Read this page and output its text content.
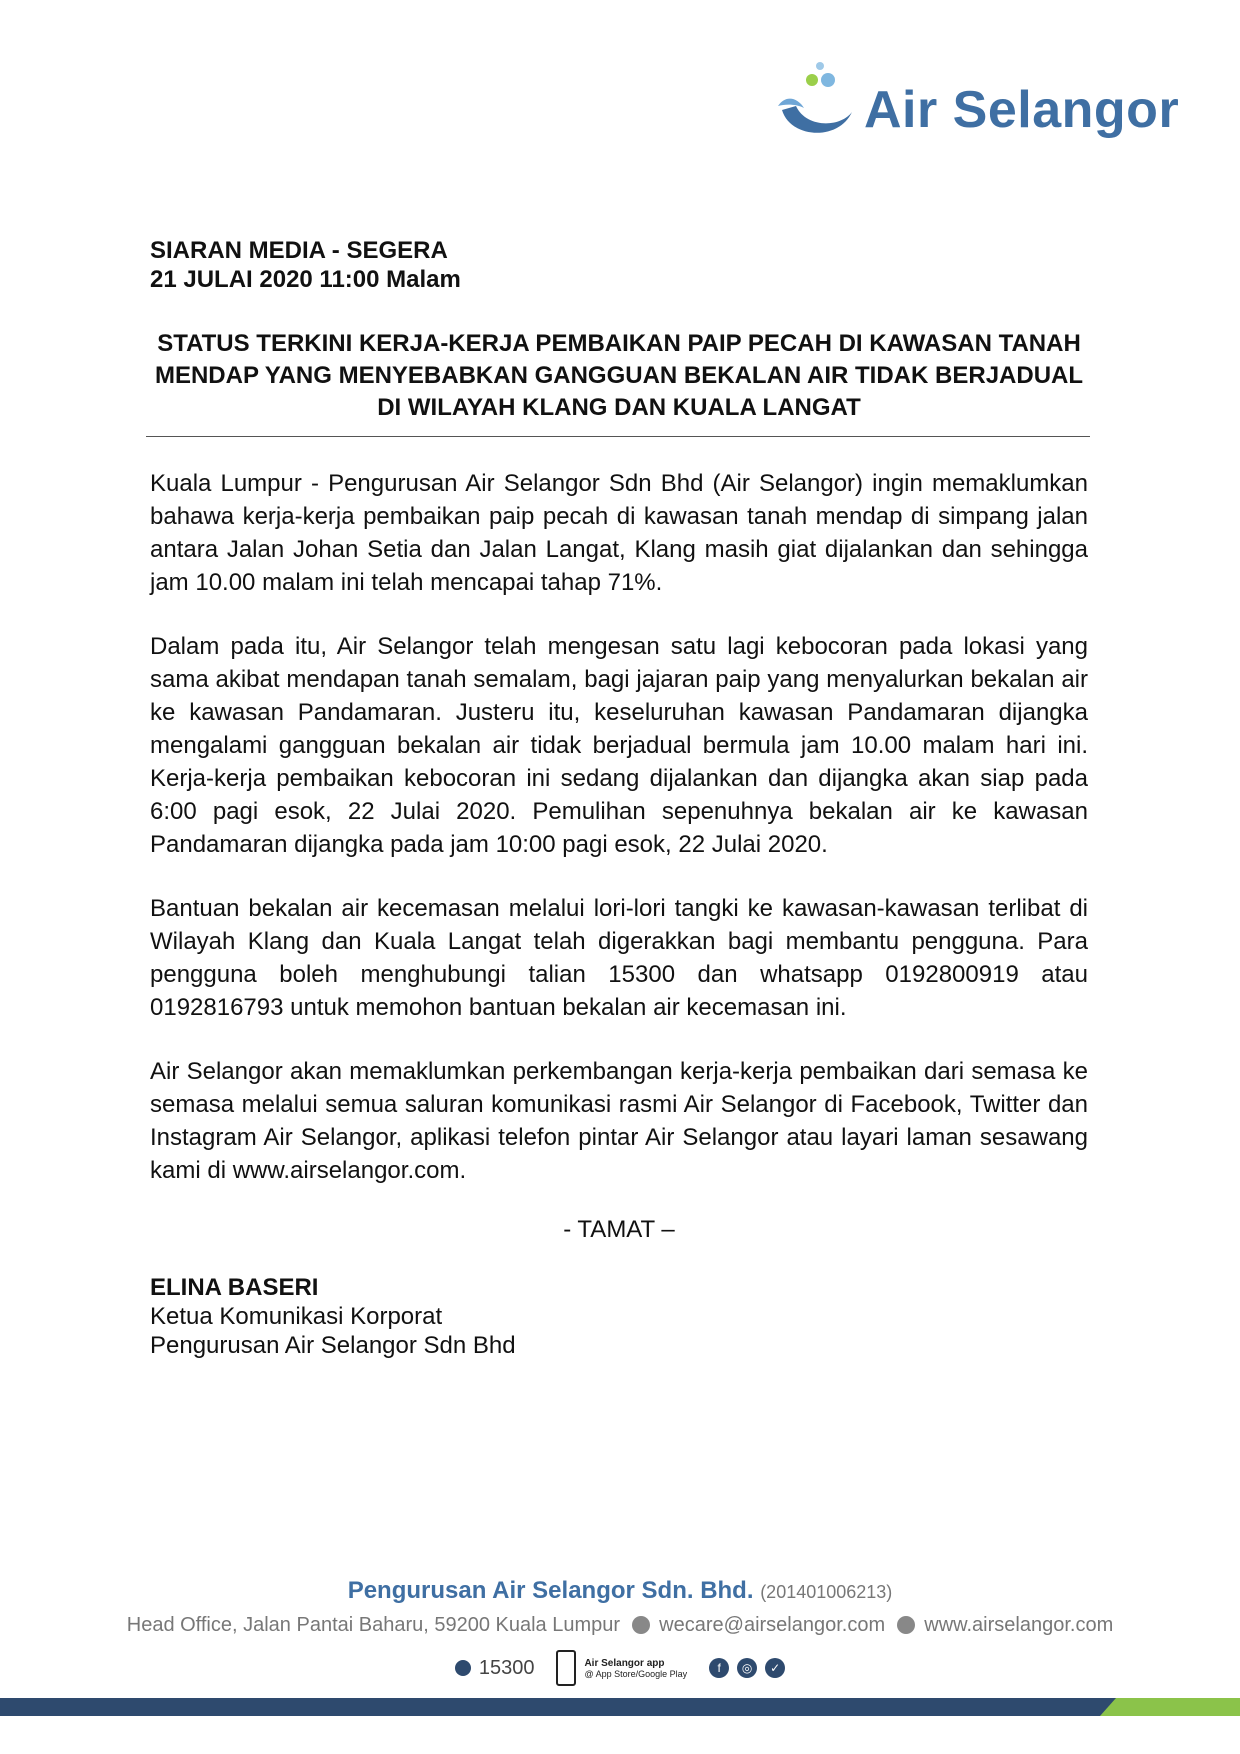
Air Selangor
SIARAN MEDIA - SEGERA
21 JULAI 2020 11:00 Malam
STATUS TERKINI KERJA-KERJA PEMBAIKAN PAIP PECAH DI KAWASAN TANAH MENDAP YANG MENYEBABKAN GANGGUAN BEKALAN AIR TIDAK BERJADUAL DI WILAYAH KLANG DAN KUALA LANGAT
Kuala Lumpur - Pengurusan Air Selangor Sdn Bhd (Air Selangor) ingin memaklumkan bahawa kerja-kerja pembaikan paip pecah di kawasan tanah mendap di simpang jalan antara Jalan Johan Setia dan Jalan Langat, Klang masih giat dijalankan dan sehingga jam 10.00 malam ini telah mencapai tahap 71%.
Dalam pada itu, Air Selangor telah mengesan satu lagi kebocoran pada lokasi yang sama akibat mendapan tanah semalam, bagi jajaran paip yang menyalurkan bekalan air ke kawasan Pandamaran. Justeru itu, keseluruhan kawasan Pandamaran dijangka mengalami gangguan bekalan air tidak berjadual bermula jam 10.00 malam hari ini. Kerja-kerja pembaikan kebocoran ini sedang dijalankan dan dijangka akan siap pada 6:00 pagi esok, 22 Julai 2020. Pemulihan sepenuhnya bekalan air ke kawasan Pandamaran dijangka pada jam 10:00 pagi esok, 22 Julai 2020.
Bantuan bekalan air kecemasan melalui lori-lori tangki ke kawasan-kawasan terlibat di Wilayah Klang dan Kuala Langat telah digerakkan bagi membantu pengguna. Para pengguna boleh menghubungi talian 15300 dan whatsapp 0192800919 atau 0192816793 untuk memohon bantuan bekalan air kecemasan ini.
Air Selangor akan memaklumkan perkembangan kerja-kerja pembaikan dari semasa ke semasa melalui semua saluran komunikasi rasmi Air Selangor di Facebook, Twitter dan Instagram Air Selangor, aplikasi telefon pintar Air Selangor atau layari laman sesawang kami di www.airselangor.com.
- TAMAT –
ELINA BASERI
Ketua Komunikasi Korporat
Pengurusan Air Selangor Sdn Bhd
Pengurusan Air Selangor Sdn. Bhd. (201401006213)
Head Office, Jalan Pantai Baharu, 59200 Kuala Lumpur wecare@airselangor.com www.airselangor.com
15300	Air Selangor app
@ App Store/Google Play	f	◎	✓
